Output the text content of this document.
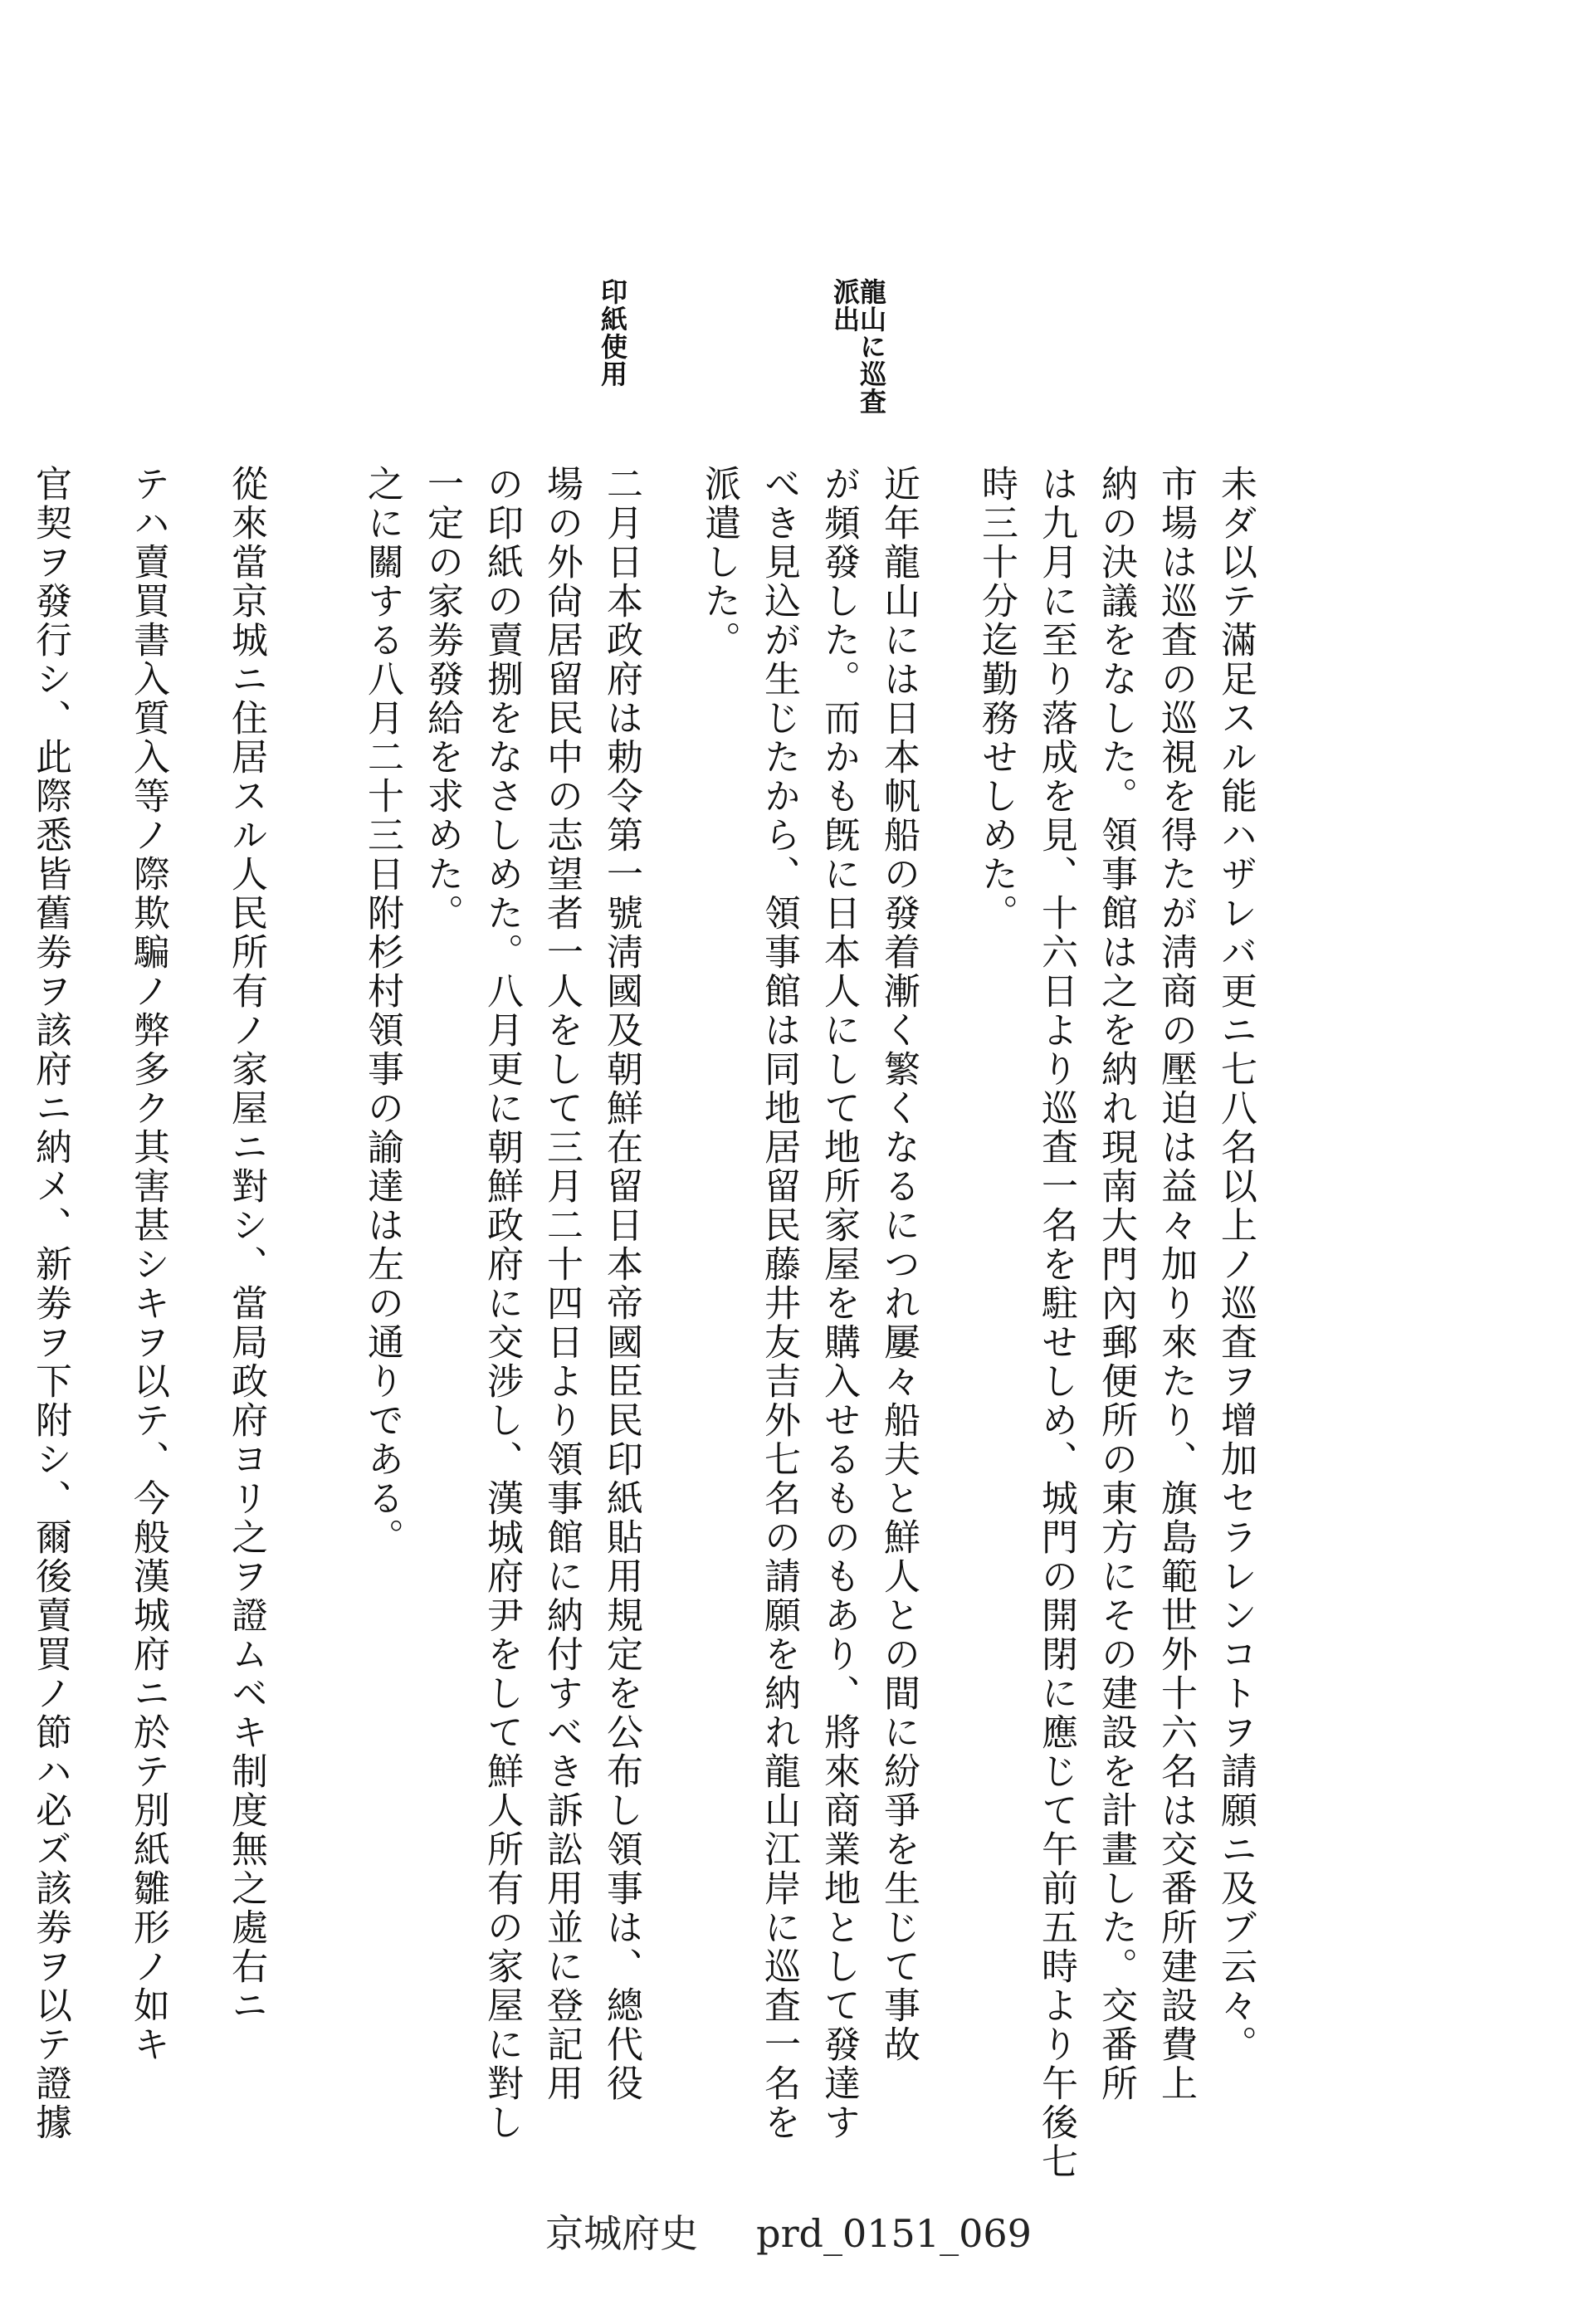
未ダ以テ滿足スル能ハザレバ更ニ七八名以上ノ巡査ヲ增加セラレンコトヲ請願ニ及ブ云々。
市場は巡査の巡視を得たが淸商の壓迫は益々加り來たり、旗島範世外十六名は交番所建設費上
納の決議をなした。領事館は之を納れ現南大門內郵便所の東方にその建設を計畫した。交番所
は九月に至り落成を見、十六日より巡査一名を駐せしめ、城門の開閉に應じて午前五時より午後七
時三十分迄勤務せしめた。
近年龍山には日本帆船の發着漸く繁くなるにつれ屢々船夫と鮮人との間に紛爭を生じて事故
が頻發した。而かも旣に日本人にして地所家屋を購入せるものもあり、將來商業地として發達す
べき見込が生じたから、領事館は同地居留民藤井友吉外七名の請願を納れ龍山江岸に巡査一名を
派遣した。
二月日本政府は勅令第一號淸國及朝鮮在留日本帝國臣民印紙貼用規定を公布し領事は、總代役
場の外尙居留民中の志望者一人をして三月二十四日より領事館に納付すべき訴訟用並に登記用
の印紙の賣捌をなさしめた。八月更に朝鮮政府に交涉し、漢城府尹をして鮮人所有の家屋に對し
一定の家劵發給を求めた。
之に關する八月二十三日附杉村領事の諭達は左の通りである。
從來當京城ニ住居スル人民所有ノ家屋ニ對シ、當局政府ヨリ之ヲ證ムベキ制度無之處右ニ
テハ賣買書入質入等ノ際欺騙ノ弊多ク其害甚シキヲ以テ、今般漢城府ニ於テ別紙雛形ノ如キ
官契ヲ發行シ、此際悉皆舊劵ヲ該府ニ納メ、新劵ヲ下附シ、爾後賣買ノ節ハ必ズ該劵ヲ以テ證據
龍山に巡査
派出
印紙使用
京城府史 prd_0151_069
